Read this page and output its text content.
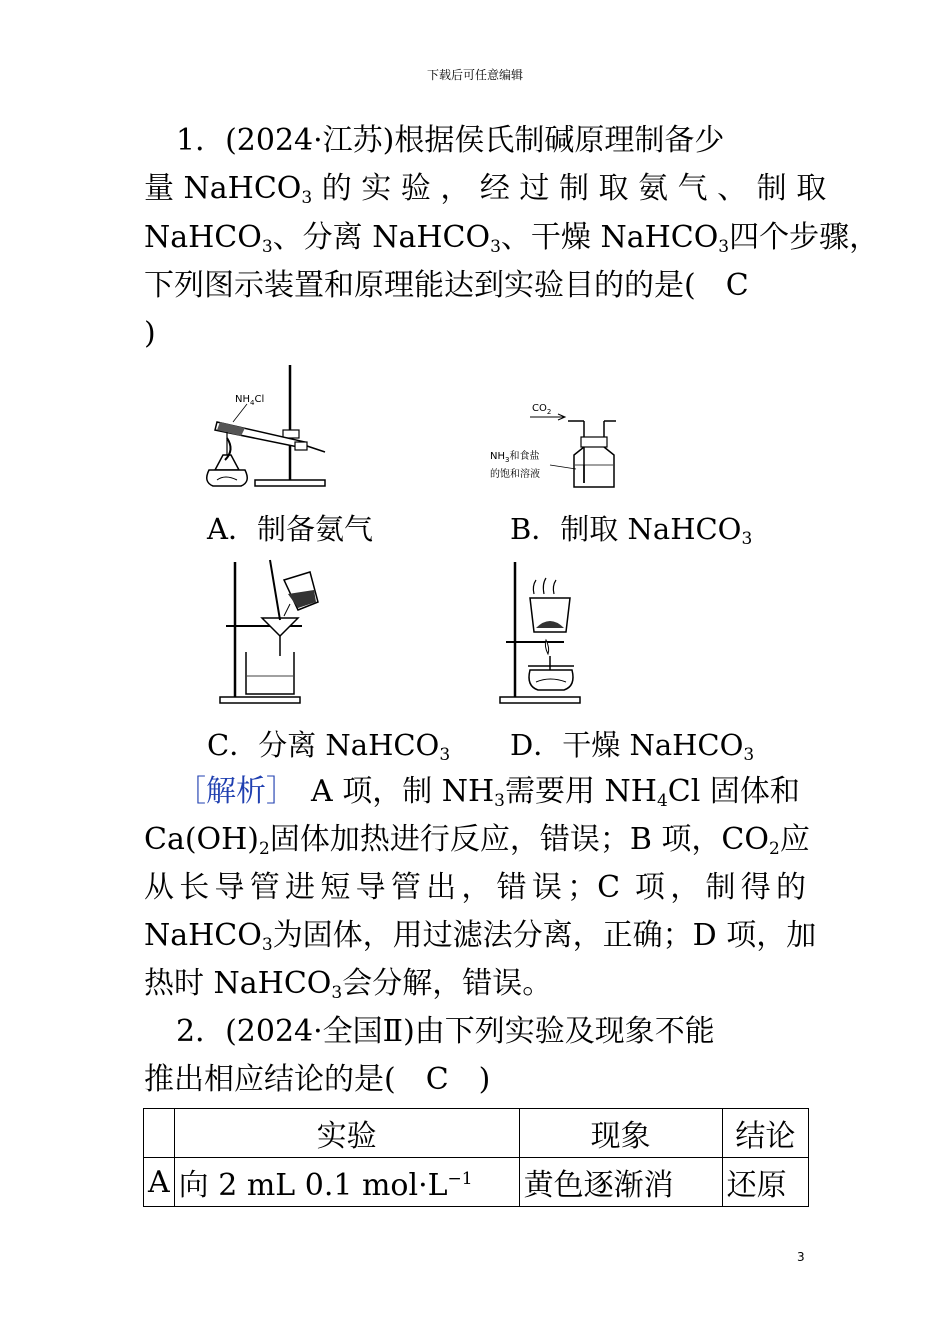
下载后可任意编辑
1．(2024·江苏)根据侯氏制碱原理制备少
量 NaHCO$_3$ 的 实 验 ， 经 过 制 取 氨 气 、 制 取
NaHCO$_3$、分离 NaHCO$_3$、干燥 NaHCO$_3$四个步骤，
下列图示装置和原理能达到实验目的的是(　C
)
$NH_4Cl$
$CO_2$
$NH_3$和食盐
的饱和溶液
A．制备氨气	B．制取 NaHCO$_3$
C．分离 NaHCO$_3$ D．干燥 NaHCO$_3$
［解析］　A 项，制 $NH_3$需要用 $NH_4Cl$ 固体和
$Ca(OH)_2$固体加热进行反应，错误；B 项，$CO_2$应
从长导管进短导管出，错误；C 项，制得的
NaHCO$_3$为固体，用过滤法分离，正确；D 项，加
热时 NaHCO$_3$会分解，错误。
2．(2024·全国Ⅱ)由下列实验及现象不能
推出相应结论的是(　C　)
	实验	现象	结论
A	向 2 mL 0.1 $mol\cdot L^{-1}$	黄色逐渐消	还原
3
